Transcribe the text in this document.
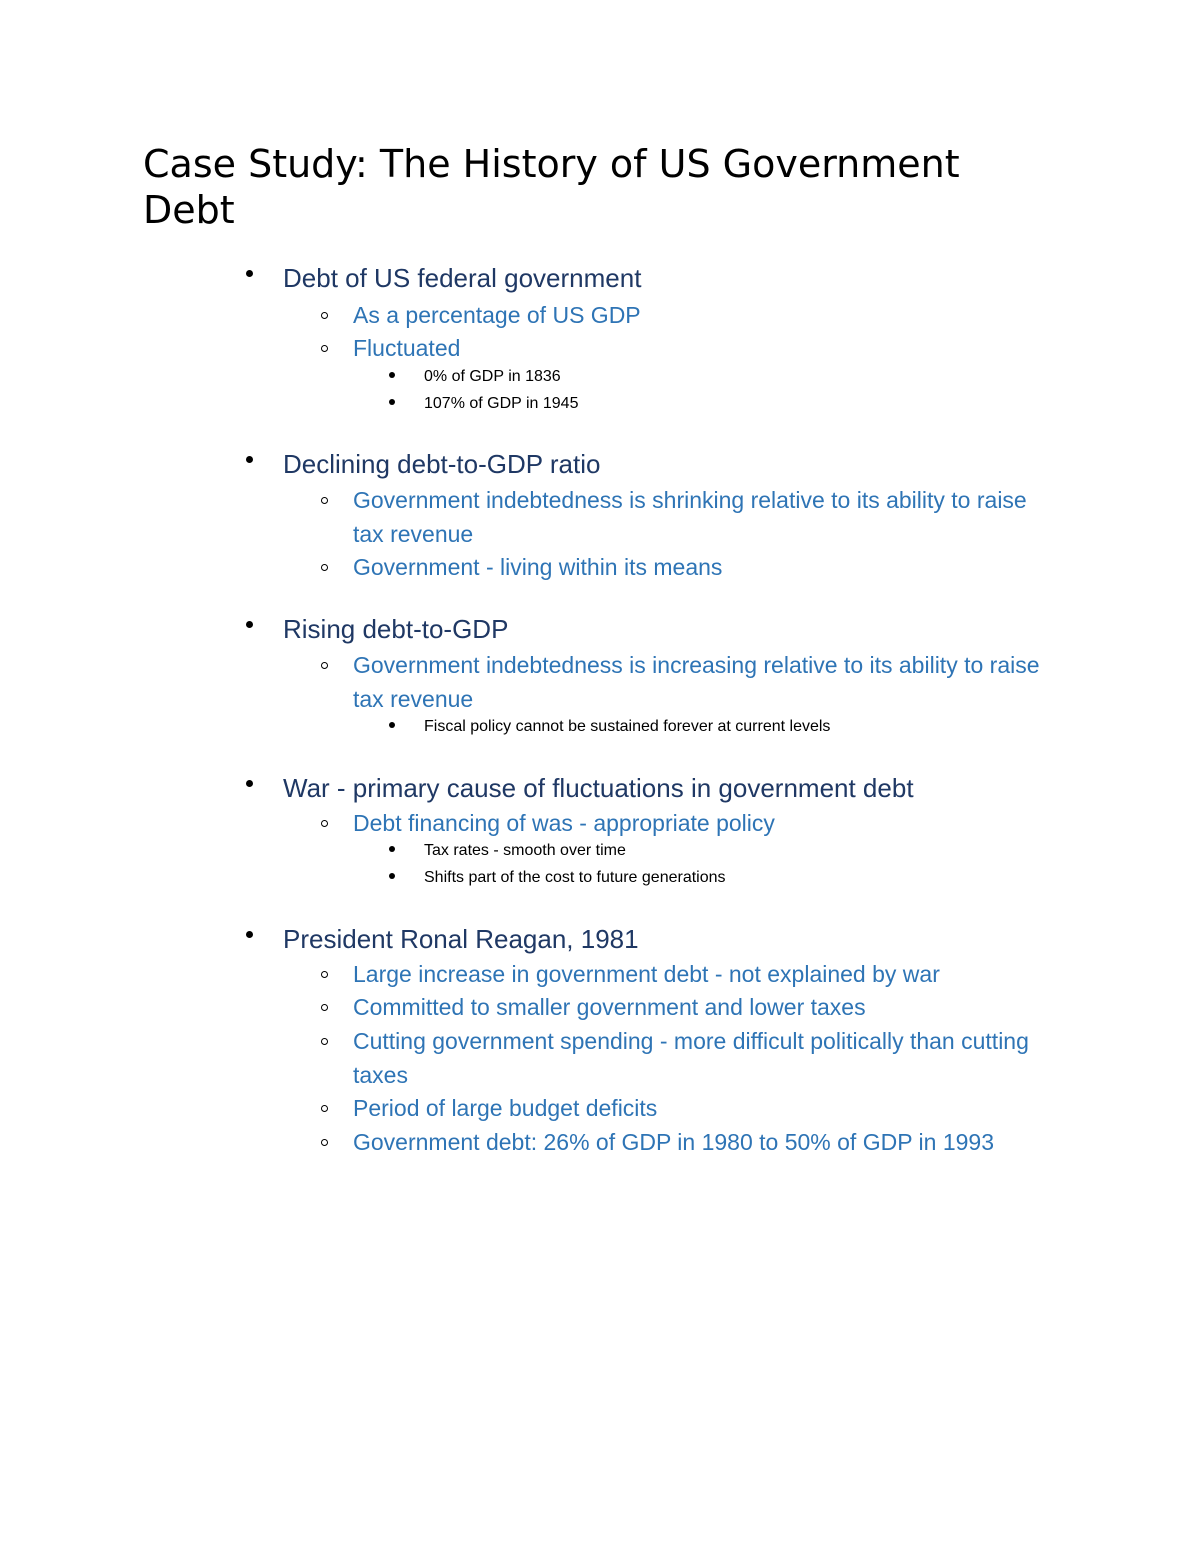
Case Study: The History of US Government Debt
Debt of US federal government
As a percentage of US GDP
Fluctuated
0% of GDP in 1836
107% of GDP in 1945
Declining debt-to-GDP ratio
Government indebtedness is shrinking relative to its ability to raise tax revenue
Government - living within its means
Rising debt-to-GDP
Government indebtedness is increasing relative to its ability to raise tax revenue
Fiscal policy cannot be sustained forever at current levels
War - primary cause of fluctuations in government debt
Debt financing of was - appropriate policy
Tax rates - smooth over time
Shifts part of the cost to future generations
President Ronal Reagan, 1981
Large increase in government debt - not explained by war
Committed to smaller government and lower taxes
Cutting government spending - more difficult politically than cutting taxes
Period of large budget deficits
Government debt: 26% of GDP in 1980 to 50% of GDP in 1993
